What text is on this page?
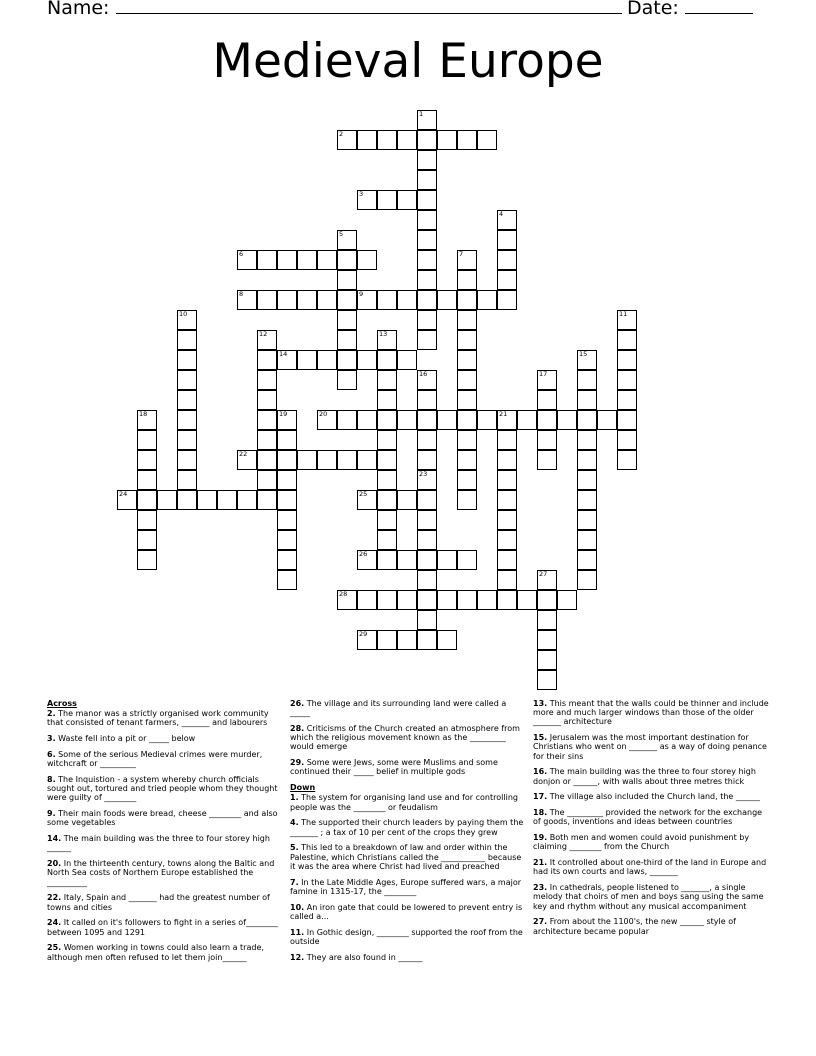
Name:	Date:
Medieval Europe
1
2
3
4
5
6	7
8	9
10	11
12	13
14	15
16	17
18	19	20	21
22
23
24	25
26
27
28
29
Across
2. The manor was a strictly organised work community that consisted of tenant farmers, _______ and labourers
3. Waste fell into a pit or _____ below
6. Some of the serious Medieval crimes were murder, witchcraft or _________
8. The Inquistion - a system whereby church officials sought out, tortured and tried people whom they thought were guilty of ________
9. Their main foods were bread, cheese ________ and also some vegetables
14. The main building was the three to four storey high ______
20. In the thirteenth century, towns along the Baltic and North Sea costs of Northern Europe established the __________
22. Italy, Spain and _______ had the greatest number of towns and cities
24. It called on it's followers to fight in a series of________ between 1095 and 1291
25. Women working in towns could also learn a trade, although men often refused to let them join______
26. The village and its surrounding land were called a _____
28. Criticisms of the Church created an atmosphere from which the religious movement known as the _________ would emerge
29. Some were Jews, some were Muslims and some continued their _____ belief in multiple gods
Down
1. The system for organising land use and for controlling people was the ________ or feudalism
4. The supported their church leaders by paying them the _______ ; a tax of 10 per cent of the crops they grew
5. This led to a breakdown of law and order within the Palestine, which Christians called the ___________ because it was the area where Christ had lived and preached
7. In the Late Middle Ages, Europe suffered wars, a major famine in 1315-17, the ________
10. An iron gate that could be lowered to prevent entry is called a...
11. In Gothic design, ________ supported the roof from the outside
12. They are also found in ______
13. This meant that the walls could be thinner and include more and much larger windows than those of the older _______ architecture
15. Jerusalem was the most important destination for Christians who went on _______ as a way of doing penance for their sins
16. The main building was the three to four storey high donjon or ______, with walls about three metres thick
17. The village also included the Church land, the ______
18. The _________ provided the network for the exchange of goods, inventions and ideas between countries
19. Both men and women could avoid punishment by claiming ________ from the Church
21. It controlled about one-third of the land in Europe and had its own courts and laws, _______
23. In cathedrals, people listened to _______, a single melody that choirs of men and boys sang using the same key and rhythm without any musical accompaniment
27. From about the 1100's, the new ______ style of architecture became popular
